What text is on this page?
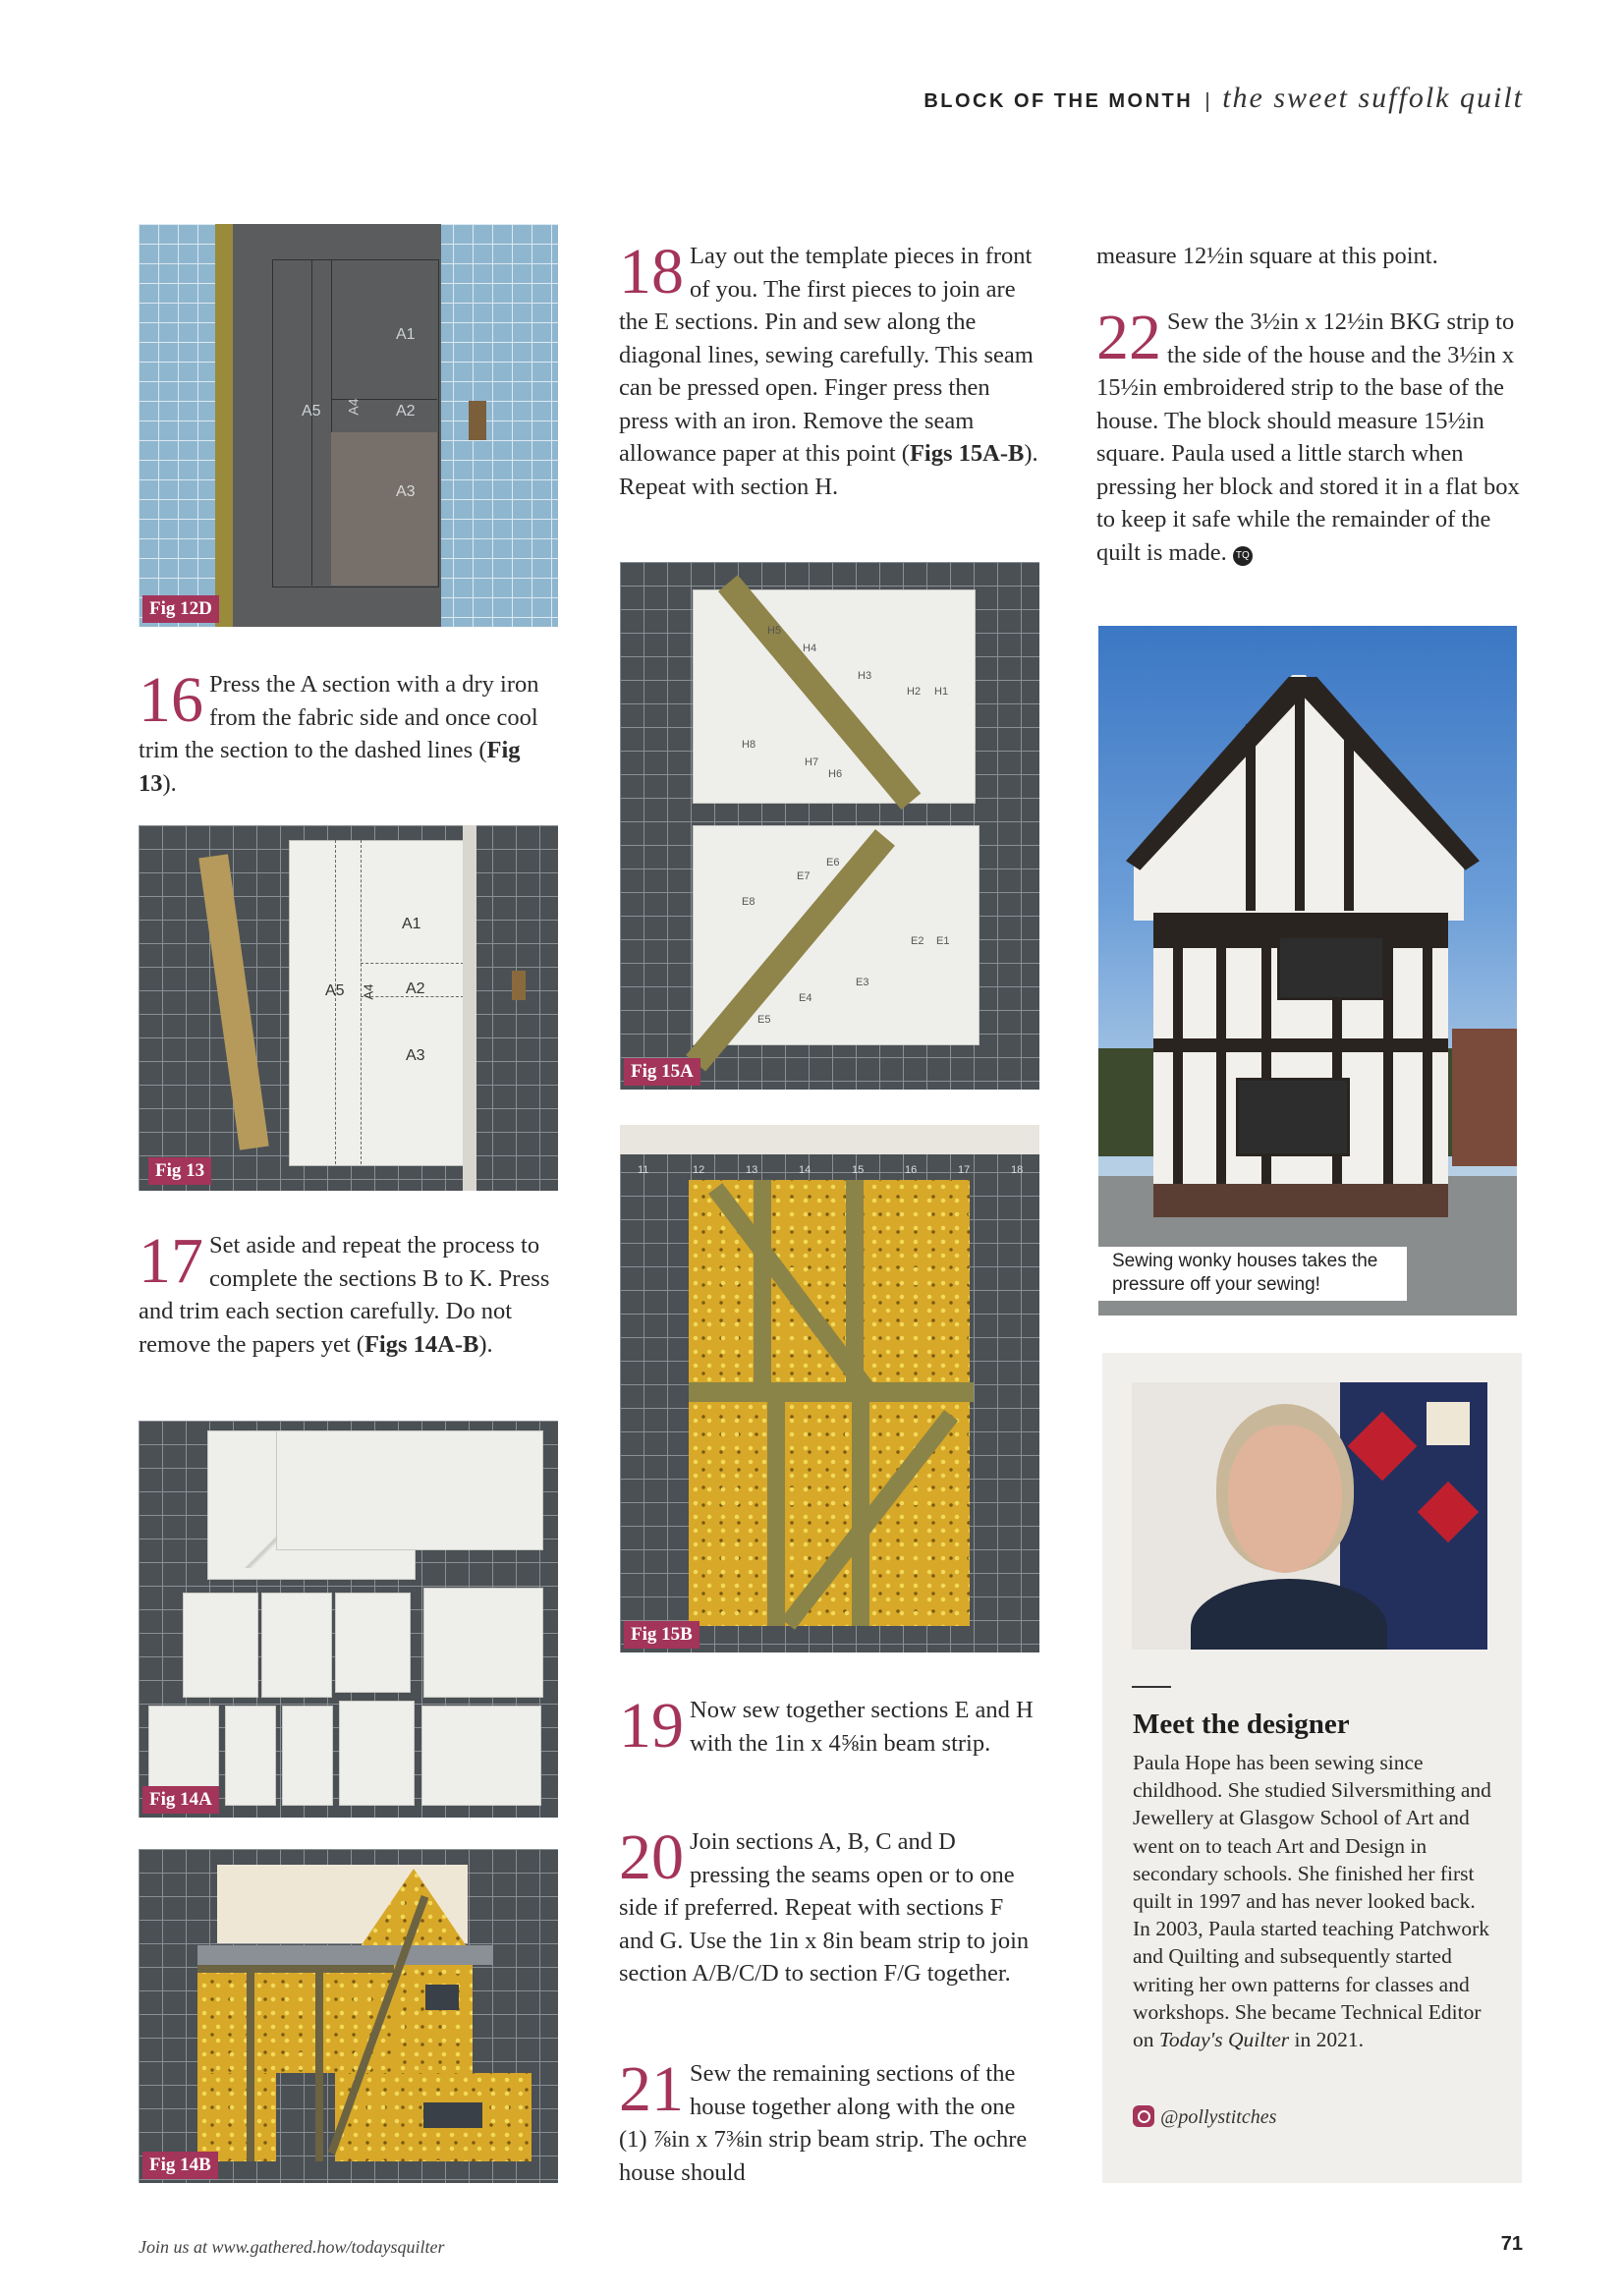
BLOCK OF THE MONTH the sweet suffolk quilt
A1
A5 A4 A2
A3
Fig 12D

16 Press the A section with a dry iron from the fabric side and once cool trim the section to the dashed lines (Fig 13).

A1
A5 A4 A2
A3
Fig 13

17 Set aside and repeat the process to complete the sections B to K. Press and trim each section carefully. Do not remove the papers yet (Figs 14A-B).

Fig 14A
Fig 14B

18 Lay out the template pieces in front of you. The first pieces to join are the E sections. Pin and sew along the diagonal lines, sewing carefully. This seam can be pressed open. Finger press then press with an iron. Remove the seam allowance paper at this point (Figs 15A-B). Repeat with section H.

H5
H4
H3
H2 H1
H8
H7
H6
E6
E7
E8
E2 E1
E3
E4
E5
Fig 15A
11	12	13	14	15	16	17	18
Fig 15B

19 Now sew together sections E and H with the 1in x 4⅝in beam strip.

20 Join sections A, B, C and D pressing the seams open or to one side if preferred. Repeat with sections F and G. Use the 1in x 8in beam strip to join section A/B/C/D to section F/G together.

21 Sew the remaining sections of the house together along with the one (1) ⅞in x 7⅜in strip beam strip. The ochre house should

measure 12½in square at this point.

22 Sew the 3½in x 12½in BKG strip to the side of the house and the 3½in x 15½in embroidered strip to the base of the house. The block should measure 15½in square. Paula used a little starch when pressing her block and stored it in a flat box to keep it safe while the remainder of the quilt is made. TQ

Sewing wonky houses takes the pressure off your sewing!
Meet the designer

Paula Hope has been sewing since childhood. She studied Silversmithing and Jewellery at Glasgow School of Art and went on to teach Art and Design in secondary schools. She finished her first quilt in 1997 and has never looked back. In 2003, Paula started teaching Patchwork and Quilting and subsequently started writing her own patterns for classes and workshops. She became Technical Editor on Today's Quilter in 2021.

@pollystitches
Join us at www.gathered.how/todaysquilter	71
